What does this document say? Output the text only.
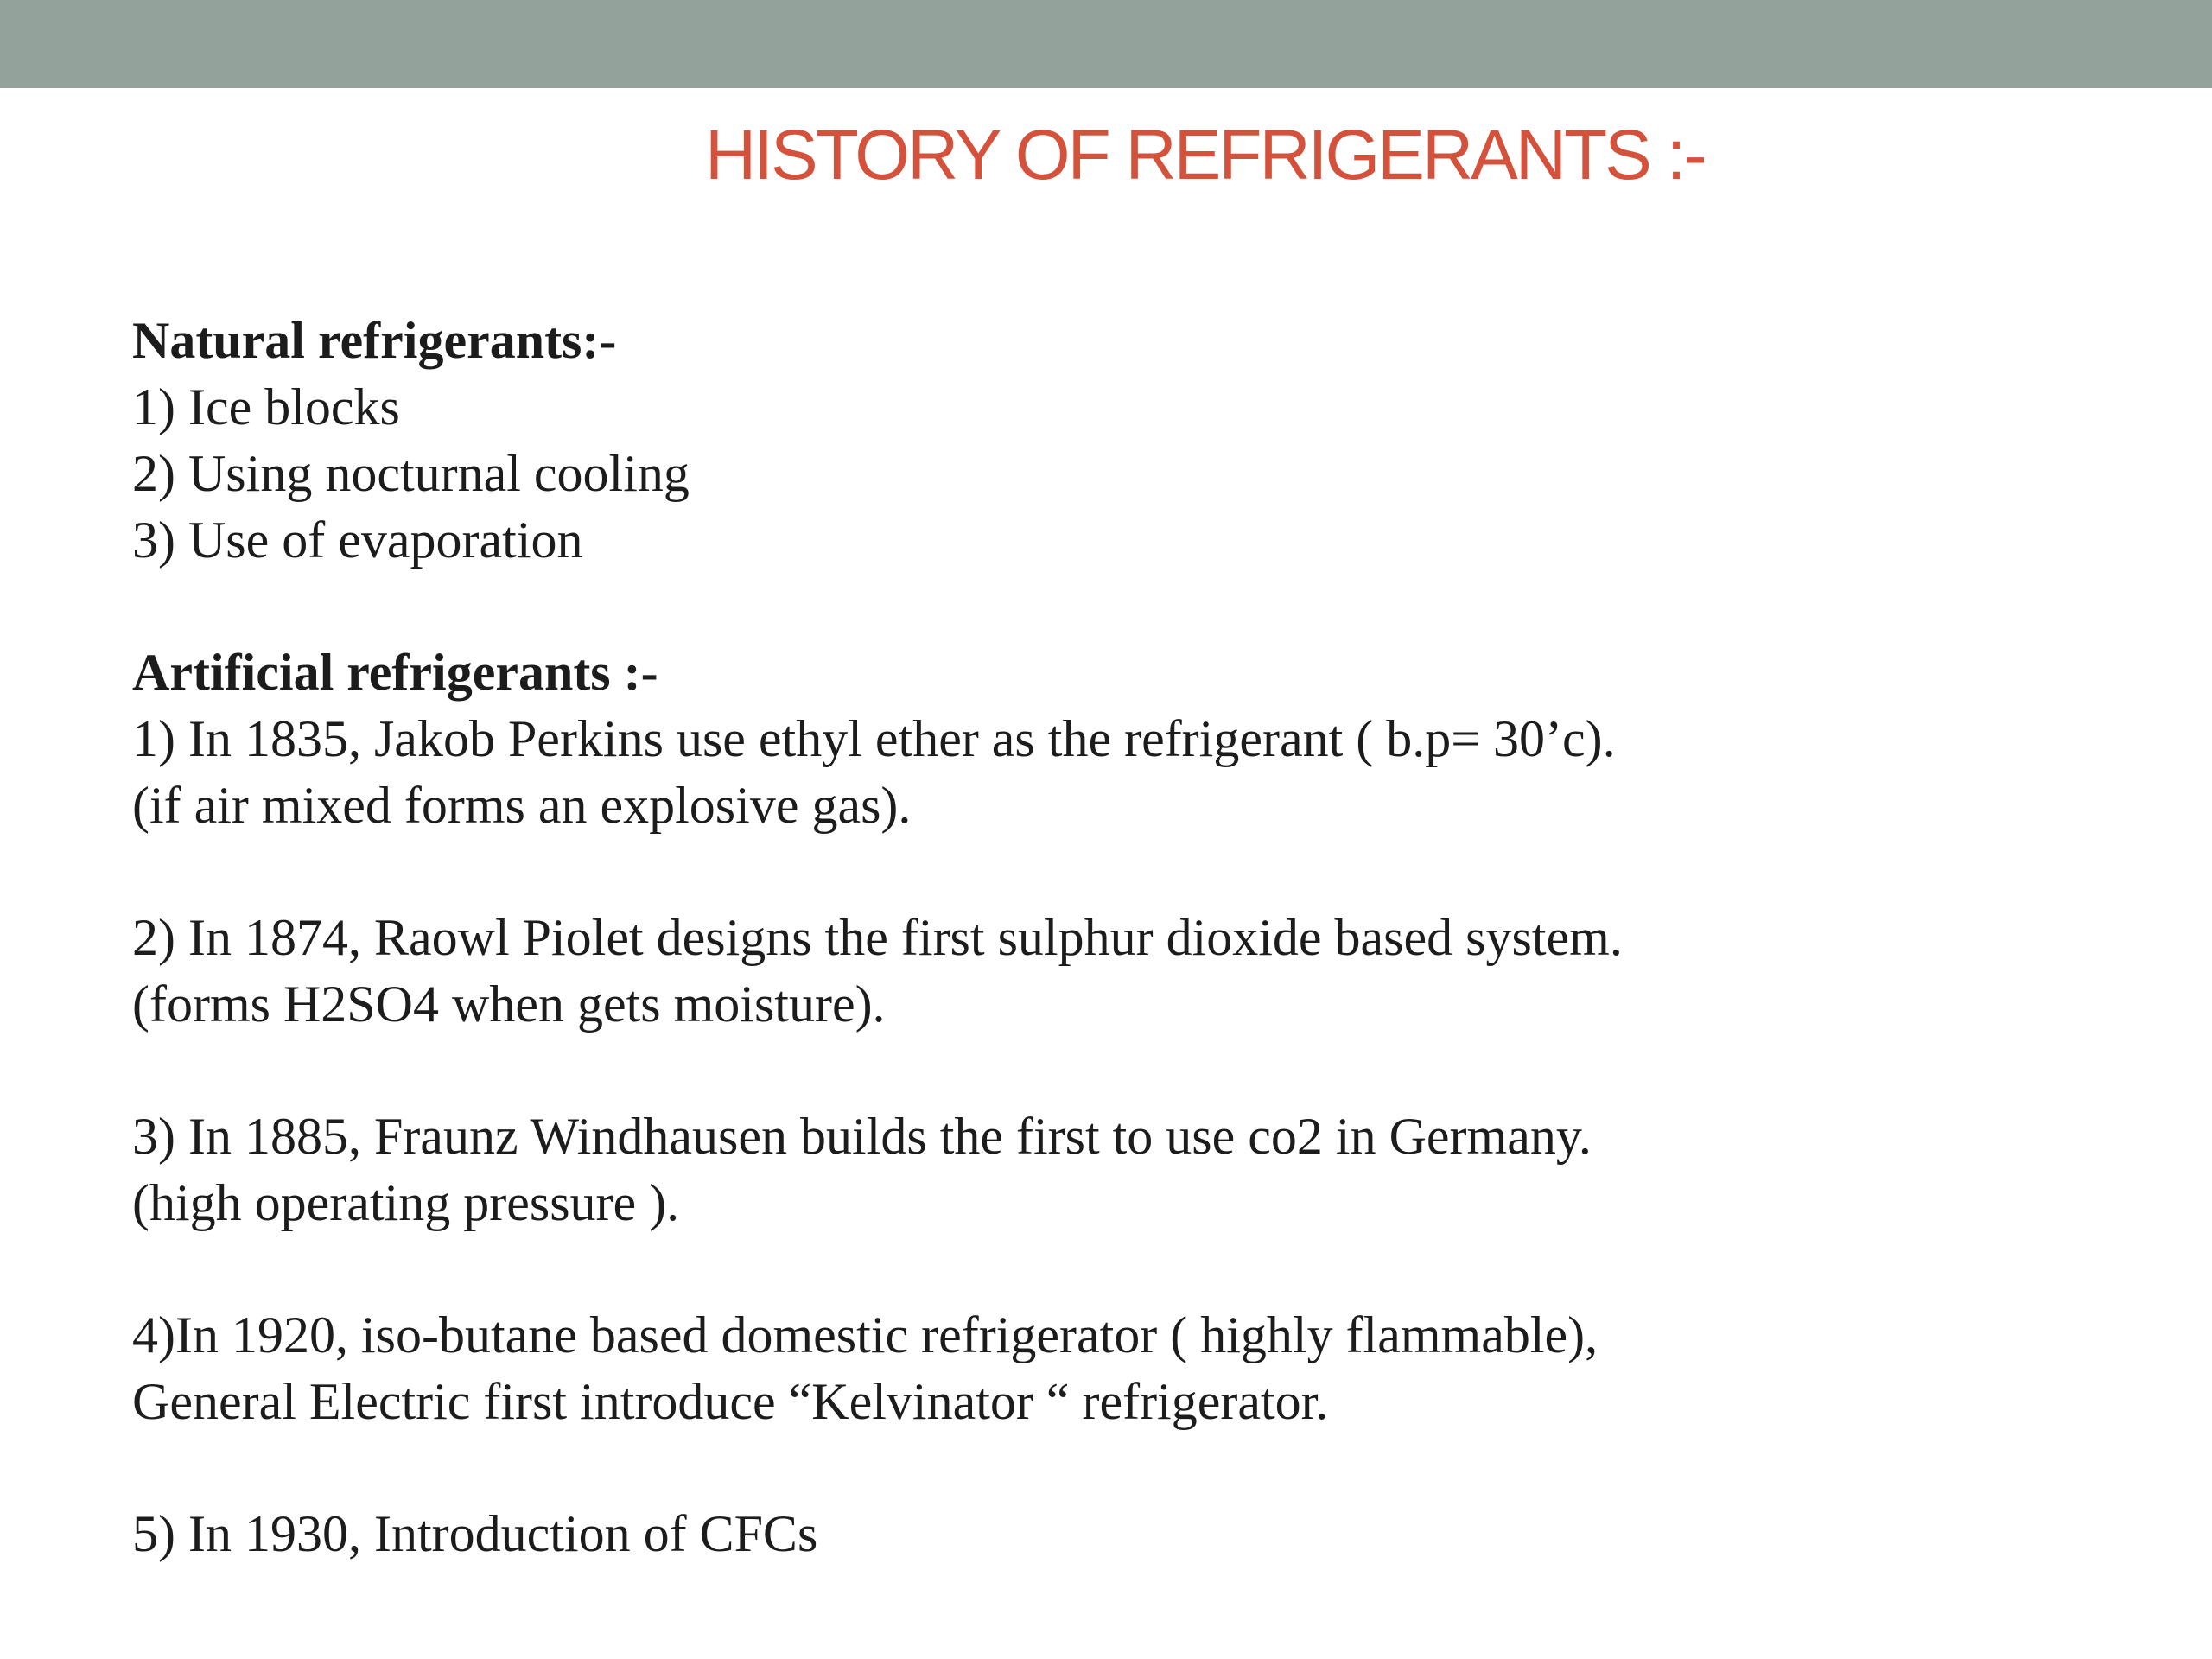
HISTORY OF REFRIGERANTS :-
Natural refrigerants:-
1) Ice blocks
2) Using nocturnal cooling
3) Use of evaporation
Artificial refrigerants :-
1) In 1835, Jakob Perkins use ethyl ether as the refrigerant ( b.p= 30’c).
(if air mixed forms an explosive gas).
2) In 1874, Raowl Piolet designs the first sulphur dioxide based system.
(forms H2SO4 when gets moisture).
3) In 1885, Fraunz Windhausen builds the first to use co2 in Germany.
(high operating pressure ).
4)In 1920, iso-butane based domestic refrigerator ( highly flammable),
General Electric first introduce “Kelvinator “ refrigerator.
5) In 1930, Introduction of CFCs
